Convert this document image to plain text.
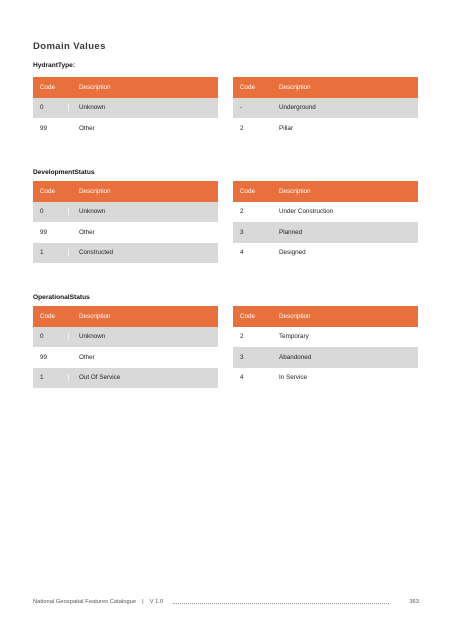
Domain Values
HydrantType:
Code	Description
0	Unknown
99	Other
Code	Description
-	Underground
2	Pillar
DevelopmentStatus
Code	Description
0	Unknown
99	Other
1	Constructed
Code	Description
2	Under Construction
3	Planned
4	Designed
OperationalStatus
Code	Description
0	Unknown
99	Other
1	Out Of Service
Code	Description
2	Temporary
3	Abandoned
4	In Service
National Geospatial Features Catalogue | V 1.0	363
